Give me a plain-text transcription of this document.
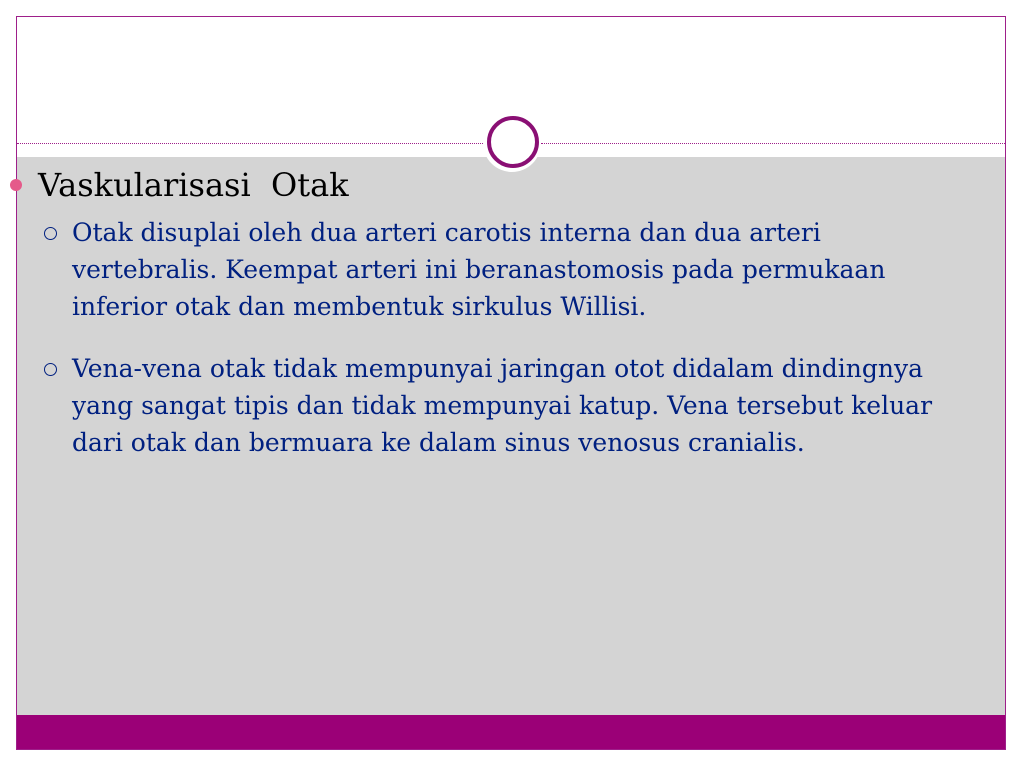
Vaskularisasi  Otak
Otak disuplai oleh dua arteri carotis interna dan dua arteri vertebralis. Keempat arteri ini beranastomosis pada permukaan inferior otak dan membentuk sirkulus Willisi.
Vena-vena otak tidak mempunyai jaringan otot didalam dindingnya yang sangat tipis dan tidak mempunyai katup. Vena tersebut keluar dari otak dan bermuara ke dalam sinus venosus cranialis.
